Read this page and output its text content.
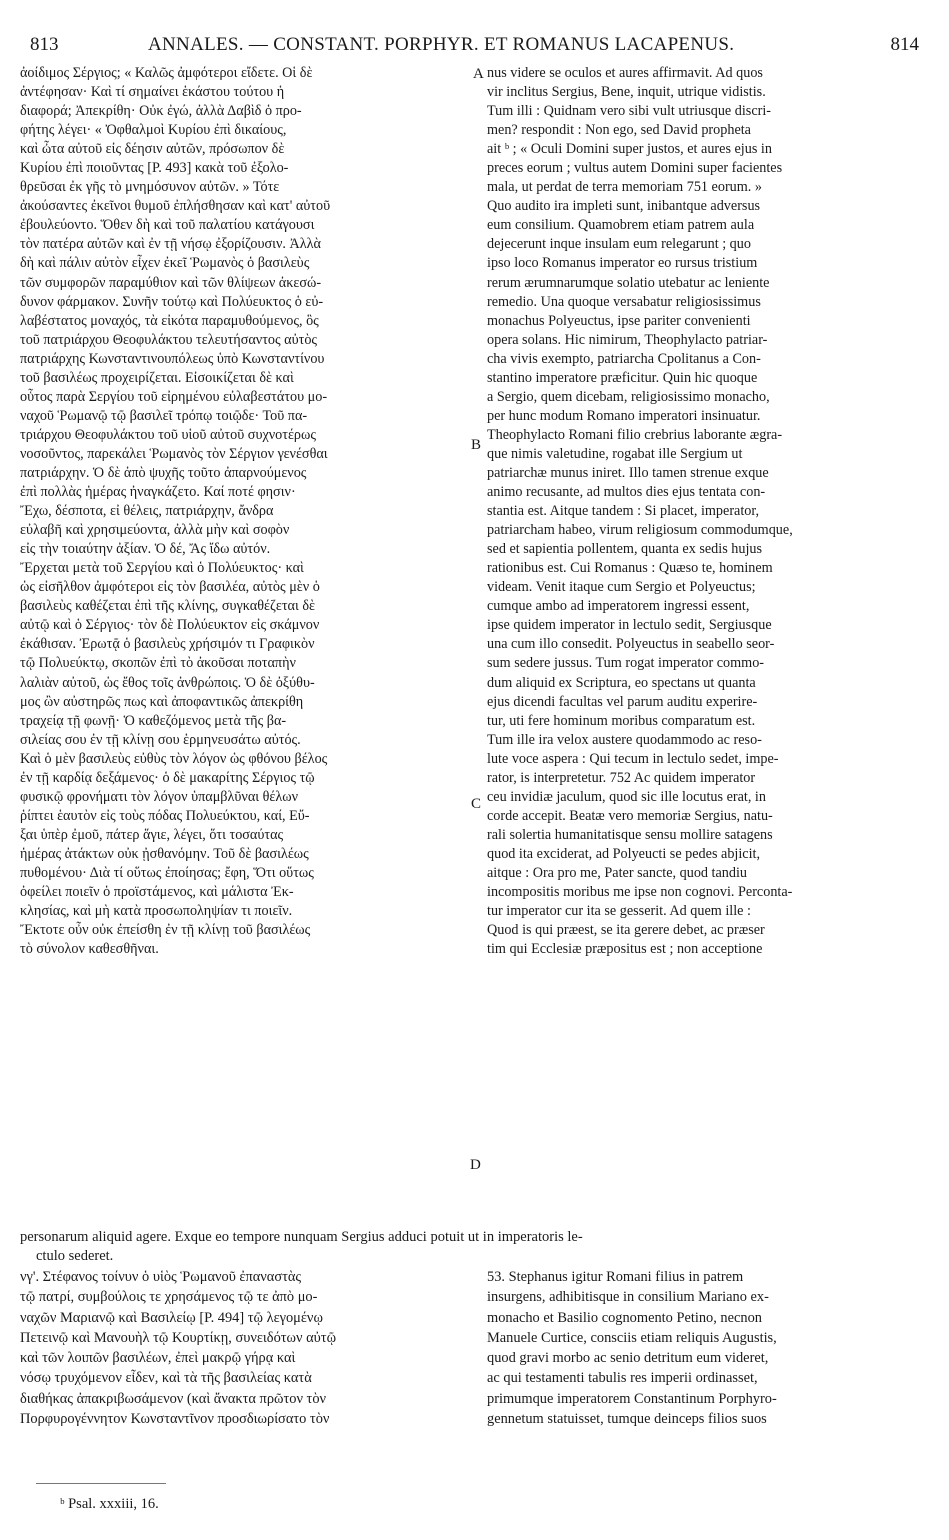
813	ANNALES. — CONSTANT. PORPHYR. ET ROMANUS LACAPENUS.	814
ἀοίδιμος Σέργιος; « Καλῶς ἀμφότεροι εἴδετε. Οἱ δὲ
ἀντέφησαν· Καὶ τί σημαίνει ἑκάστου τούτου ἡ
διαφορά; Ἀπεκρίθη· Οὐκ ἐγώ, ἀλλὰ Δαβὶδ ὁ προ-
φήτης λέγει· « Ὀφθαλμοὶ Κυρίου ἐπὶ δικαίους,
καὶ ὦτα αὐτοῦ εἰς δέησιν αὐτῶν, πρόσωπον δὲ
Κυρίου ἐπὶ ποιοῦντας [P. 493] κακὰ τοῦ ἐξολο-
θρεῦσαι ἐκ γῆς τὸ μνημόσυνον αὐτῶν. » Τότε
ἀκούσαντες ἐκεῖνοι θυμοῦ ἐπλήσθησαν καὶ κατ' αὐτοῦ
ἐβουλεύοντο. Ὅθεν δὴ καὶ τοῦ παλατίου κατάγουσι
τὸν πατέρα αὐτῶν καὶ ἐν τῇ νήσῳ ἐξορίζουσιν. Ἀλλὰ
δὴ καὶ πάλιν αὐτὸν εἶχεν ἐκεῖ Ῥωμανὸς ὁ βασιλεὺς
τῶν συμφορῶν παραμύθιον καὶ τῶν θλίψεων ἀκεσώ-
δυνον φάρμακον. Συνῆν τούτῳ καὶ Πολύευκτος ὁ εὐ-
λαβέστατος μοναχός, τὰ εἰκότα παραμυθούμενος, ὃς
τοῦ πατριάρχου Θεοφυλάκτου τελευτήσαντος αὐτὸς
πατριάρχης Κωνσταντινουπόλεως ὑπὸ Κωνσταντίνου
τοῦ βασιλέως προχειρίζεται. Εἰσοικίζεται δὲ καὶ
οὗτος παρὰ Σεργίου τοῦ εἰρημένου εὐλαβεστάτου μο-
ναχοῦ Ῥωμανῷ τῷ βασιλεῖ τρόπῳ τοιῷδε· Τοῦ πα-
τριάρχου Θεοφυλάκτου τοῦ υἱοῦ αὐτοῦ συχνοτέρως
νοσοῦντος, παρεκάλει Ῥωμανὸς τὸν Σέργιον γενέσθαι
πατριάρχην. Ὁ δὲ ἀπὸ ψυχῆς τοῦτο ἀπαρνούμενος
ἐπὶ πολλὰς ἡμέρας ἠναγκάζετο. Καί ποτέ φησιν·
Ἔχω, δέσποτα, εἰ θέλεις, πατριάρχην, ἄνδρα
εὐλαβῆ καὶ χρησιμεύοντα, ἀλλὰ μὴν καὶ σοφὸν
εἰς τὴν τοιαύτην ἀξίαν. Ὁ δέ, Ἄς ἴδω αὐτόν.
Ἔρχεται μετὰ τοῦ Σεργίου καὶ ὁ Πολύευκτος· καὶ
ὡς εἰσῆλθον ἀμφότεροι εἰς τὸν βασιλέα, αὐτὸς μὲν ὁ
βασιλεὺς καθέζεται ἐπὶ τῆς κλίνης, συγκαθέζεται δὲ
αὐτῷ καὶ ὁ Σέργιος· τὸν δὲ Πολύευκτον εἰς σκάμνον
ἐκάθισαν. Ἐρωτᾷ ὁ βασιλεὺς χρήσιμόν τι Γραφικὸν
τῷ Πολυεύκτῳ, σκοπῶν ἐπὶ τὸ ἀκοῦσαι ποταπὴν
λαλιὰν αὐτοῦ, ὡς ἔθος τοῖς ἀνθρώποις. Ὁ δὲ ὀξύθυ-
μος ὢν αὐστηρῶς πως καὶ ἀποφαντικῶς ἀπεκρίθη
τραχείᾳ τῇ φωνῇ· Ὁ καθεζόμενος μετὰ τῆς βα-
σιλείας σου ἐν τῇ κλίνῃ σου ἑρμηνευσάτω αὐτός.
Καὶ ὁ μὲν βασιλεὺς εὐθὺς τὸν λόγον ὡς φθόνου βέλος
ἐν τῇ καρδίᾳ δεξάμενος· ὁ δὲ μακαρίτης Σέργιος τῷ
φυσικῷ φρονήματι τὸν λόγον ὑπαμβλῦναι θέλων
ῥίπτει ἑαυτὸν εἰς τοὺς πόδας Πολυεύκτου, καί, Εὔ-
ξαι ὑπὲρ ἐμοῦ, πάτερ ἅγιε, λέγει, ὅτι τοσαύτας
ἡμέρας ἀτάκτων οὐκ ᾐσθανόμην. Τοῦ δὲ βασιλέως
πυθομένου· Διὰ τί οὕτως ἐποίησας; ἔφη, Ὅτι οὕτως
ὀφείλει ποιεῖν ὁ προϊστάμενος, καὶ μάλιστα Ἐκ-
κλησίας, καὶ μὴ κατὰ προσωποληψίαν τι ποιεῖν.
Ἔκτοτε οὖν οὐκ ἐπείσθη ἐν τῇ κλίνῃ τοῦ βασιλέως
τὸ σύνολον καθεσθῆναι.
nus videre se oculos et aures affirmavit. Ad quos
vir inclitus Sergius, Bene, inquit, utrique vidistis.
Tum illi : Quidnam vero sibi vult utriusque discri-
men? respondit : Non ego, sed David propheta
ait ᵇ ; « Oculi Domini super justos, et aures ejus in
preces eorum ; vultus autem Domini super facientes
mala, ut perdat de terra memoriam 751 eorum. »
Quo audito ira impleti sunt, inibantque adversus
eum consilium. Quamobrem etiam patrem aula
dejecerunt inque insulam eum relegarunt ; quo
ipso loco Romanus imperator eo rursus tristium
rerum ærumnarumque solatio utebatur ac leniente
remedio. Una quoque versabatur religiosissimus
monachus Polyeuctus, ipse pariter convenienti
opera solans. Hic nimirum, Theophylacto patriar-
cha vivis exempto, patriarcha Cpolitanus a Con-
stantino imperatore præficitur. Quin hic quoque
a Sergio, quem dicebam, religiosissimo monacho,
per hunc modum Romano imperatori insinuatur.
Theophylacto Romani filio crebrius laborante ægra-
que nimis valetudine, rogabat ille Sergium ut
patriarchæ munus iniret. Illo tamen strenue exque
animo recusante, ad multos dies ejus tentata con-
stantia est. Aitque tandem : Si placet, imperator,
patriarcham habeo, virum religiosum commodumque,
sed et sapientia pollentem, quanta ex sedis hujus
rationibus est. Cui Romanus : Quæso te, hominem
videam. Venit itaque cum Sergio et Polyeuctus;
cumque ambo ad imperatorem ingressi essent,
ipse quidem imperator in lectulo sedit, Sergiusque
una cum illo consedit. Polyeuctus in seabello seor-
sum sedere jussus. Tum rogat imperator commo-
dum aliquid ex Scriptura, eo spectans ut quanta
ejus dicendi facultas vel parum auditu experire-
tur, uti fere hominum moribus comparatum est.
Tum ille ira velox austere quodammodo ac reso-
lute voce aspera : Qui tecum in lectulo sedet, impe-
rator, is interpretetur. 752 Ac quidem imperator
ceu invidiæ jaculum, quod sic ille locutus erat, in
corde accepit. Beatæ vero memoriæ Sergius, natu-
rali solertia humanitatisque sensu mollire satagens
quod ita exciderat, ad Polyeucti se pedes abjicit,
aitque : Ora pro me, Pater sancte, quod tandiu
incompositis moribus me ipse non cognovi. Percontа-
tur imperator cur ita se gesserit. Ad quem ille :
Quod is qui præest, se ita gerere debet, ac præser
tim qui Ecclesiæ præpositus est ; non acceptione
A
B
C
D
personarum aliquid agere. Exque eo tempore nunquam Sergius adduci potuit ut in imperatoris le-
ctulo sederet.
νγ'. Στέφανος τοίνυν ὁ υἱὸς Ῥωμανοῦ ἐπαναστὰς
τῷ πατρί, συμβούλοις τε χρησάμενος τῷ τε ἀπὸ μο-
ναχῶν Μαριανῷ καὶ Βασιλείῳ [P. 494] τῷ λεγομένῳ
Πετεινῷ καὶ Μανουὴλ τῷ Κουρτίκῃ, συνειδότων αὐτῷ
καὶ τῶν λοιπῶν βασιλέων, ἐπεὶ μακρῷ γήρᾳ καὶ
νόσῳ τρυχόμενον εἶδεν, καὶ τὰ τῆς βασιλείας κατὰ
διαθήκας ἀπακριβωσάμενον (καὶ ἄνακτα πρῶτον τὸν
Πορφυρογέννητον Κωνσταντῖνον προσδιωρίσατο τὸν
53. Stephanus igitur Romani filius in patrem
insurgens, adhibitisque in consilium Mariano ex-
monacho et Basilio cognomento Petino, necnon
Manuele Curtice, consciis etiam reliquis Augustis,
quod gravi morbo ac senio detritum eum videret,
ac qui testamenti tabulis res imperii ordinasset,
primumque imperatorem Constantinum Porphyro-
gennetum statuisset, tumque deinceps filios suos
ᵇ Psal. xxxiii, 16.
